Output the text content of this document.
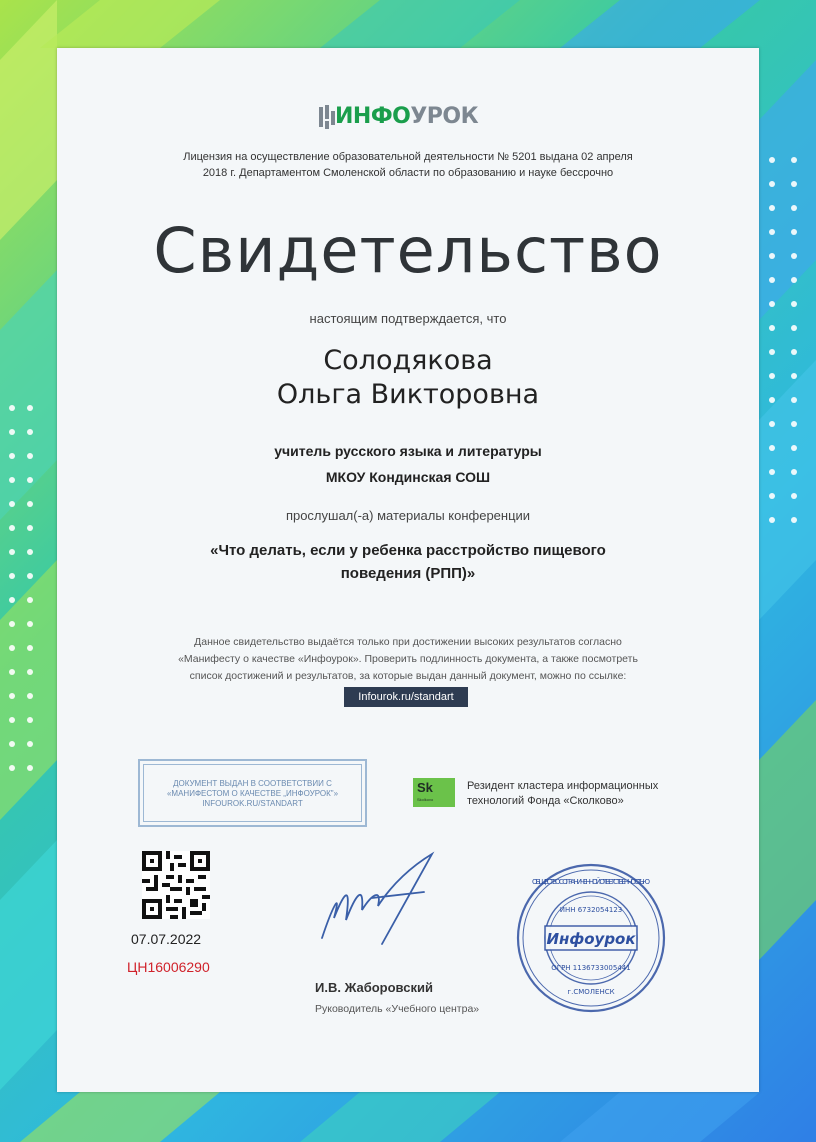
ИНФО УРОК
Лицензия на осуществление образовательной деятельности № 5201 выдана 02 апреля
2018 г. Департаментом Смоленской области по образованию и науке бессрочно
Свидетельство
настоящим подтверждается, что
Солодякова
Ольга Викторовна
учитель русского языка и литературы
МКОУ Кондинская СОШ
прослушал(-а) материалы конференции
«Что делать, если у ребенка расстройство пищевого
поведения (РПП)»
Данное свидетельство выдаётся только при достижении высоких результатов согласно
«Манифесту о качестве «Инфоурок». Проверить подлинность документа, а также посмотреть
список достижений и результатов, за которые выдан данный документ, можно по ссылке:
Infourok.ru/standart
ДОКУМЕНТ ВЫДАН В СООТВЕТСТВИИ С
«МАНИФЕСТОМ О КАЧЕСТВЕ „ИНФОУРОК"»
INFOUROK.RU/STANDART
Sk
Skolkovo
Резидент кластера информационных
технологий Фонда «Сколково»
07.07.2022
ЦН16006290
И.В. Жаборовский
Руководитель «Учебного центра»
Инфоурок
ОБЩЕСТВО С ОГРАНИЧЕННОЙ ОТВЕТСТВЕННОСТЬЮ
ИНН 6732054123
ОГРН 1136733005441
г.СМОЛЕНСК
